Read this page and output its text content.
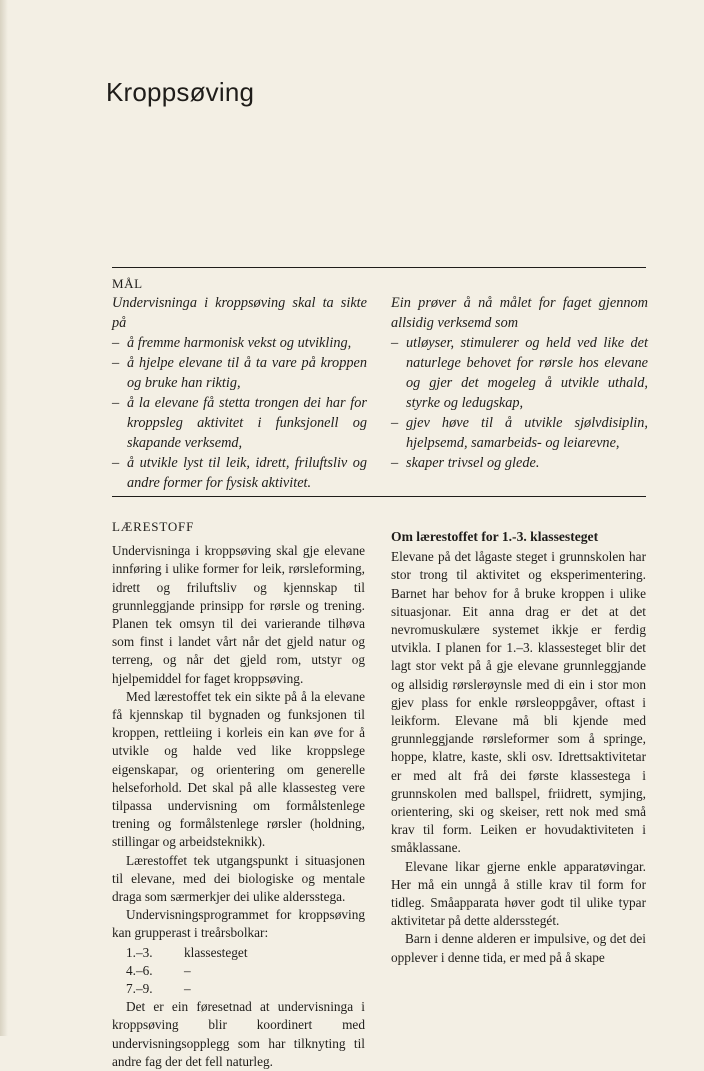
Kroppsøving
MÅL
Undervisninga i kroppsøving skal ta sikte på
– å fremme harmonisk vekst og utvikling,
– å hjelpe elevane til å ta vare på kroppen og bruke han riktig,
– å la elevane få stetta trongen dei har for kroppsleg aktivitet i funksjonell og skapande verksemd,
– å utvikle lyst til leik, idrett, friluftsliv og andre former for fysisk aktivitet.
Ein prøver å nå målet for faget gjennom allsidig verksemd som
– utløyser, stimulerer og held ved like det naturlege behovet for rørsle hos elevane og gjer det mogeleg å utvikle uthald, styrke og ledugskap,
– gjev høve til å utvikle sjølvdisiplin, hjelpsemd, samarbeids- og leiarevne,
– skaper trivsel og glede.
LÆRESTOFF

Undervisninga i kroppsøving skal gje elevane innføring i ulike former for leik, rørsleforming, idrett og friluftsliv og kjennskap til grunnleggjande prinsipp for rørsle og trening. Planen tek omsyn til dei varierande tilhøva som finst i landet vårt når det gjeld natur og terreng, og når det gjeld rom, utstyr og hjelpemiddel for faget kroppsøving.

Med lærestoffet tek ein sikte på å la elevane få kjennskap til bygnaden og funksjonen til kroppen, rettleiing i korleis ein kan øve for å utvikle og halde ved like kroppslege eigenskapar, og orientering om generelle helseforhold. Det skal på alle klassesteg vere tilpassa undervisning om formålstenlege trening og formålstenlege rørsler (holdning, stillingar og arbeidsteknikk).

Lærestoffet tek utgangspunkt i situasjonen til elevane, med dei biologiske og mentale draga som særmerkjer dei ulike aldersstega.

Undervisningsprogrammet for kroppsøving kan grupperast i treårsbolkar:

1.–3.	klassesteget
4.–6.	–
7.–9.	–

Det er ein føresetnad at undervisninga i kroppsøving blir koordinert med undervisningsopplegg som har tilknyting til andre fag der det fell naturleg.

Om lærestoffet for 1.-3. klassesteget

Elevane på det lågaste steget i grunnskolen har stor trong til aktivitet og eksperimentering. Barnet har behov for å bruke kroppen i ulike situasjonar. Eit anna drag er det at det nevromuskulære systemet ikkje er ferdig utvikla. I planen for 1.–3. klassesteget blir det lagt stor vekt på å gje elevane grunnleggjande og allsidig rørslerøynsle med di ein i stor mon gjev plass for enkle rørsleoppgåver, oftast i leikform. Elevane må bli kjende med grunnleggjande rørsleformer som å springe, hoppe, klatre, kaste, skli osv. Idrettsaktivitetar er med alt frå dei første klassestega i grunnskolen med ballspel, friidrett, symjing, orientering, ski og skeiser, rett nok med små krav til form. Leiken er hovudaktiviteten i småklassane.

Elevane likar gjerne enkle apparatøvingar. Her må ein unngå å stille krav til form for tidleg. Småapparata høver godt til ulike typar aktivitetar på dette aldersstegét.

Barn i denne alderen er impulsive, og det dei opplever i denne tida, er med på å skape
